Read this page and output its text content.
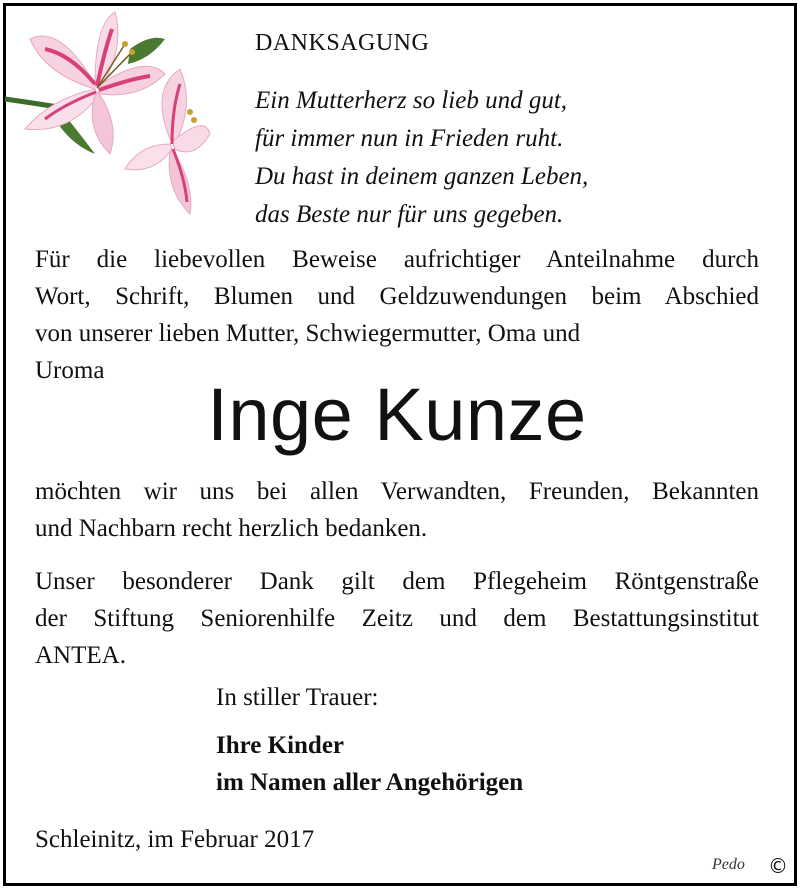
DANKSAGUNG
Ein Mutterherz so lieb und gut,
für immer nun in Frieden ruht.
Du hast in deinem ganzen Leben,
das Beste nur für uns gegeben.
Für die liebevollen Beweise aufrichtiger Anteilnahme durch
Wort, Schrift, Blumen und Geldzuwendungen beim Abschied
von unserer lieben Mutter, Schwiegermutter, Oma und
Uroma
Inge Kunze
möchten wir uns bei allen Verwandten, Freunden, Bekannten
und Nachbarn recht herzlich bedanken.
Unser besonderer Dank gilt dem Pflegeheim Röntgenstraße
der Stiftung Seniorenhilfe Zeitz und dem Bestattungsinstitut
ANTEA.
In stiller Trauer:
Ihre Kinder
im Namen aller Angehörigen
Schleinitz, im Februar 2017
Pedo ©
